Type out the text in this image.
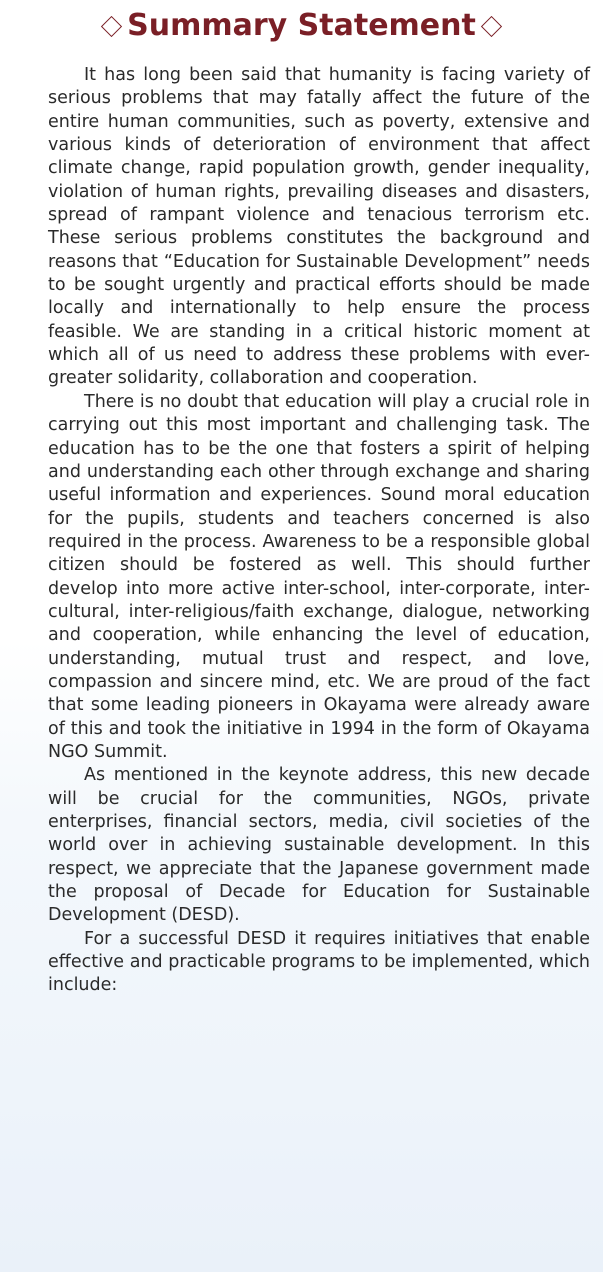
Summary Statement

It has long been said that humanity is facing variety of serious problems that may fatally affect the future of the entire human communities, such as poverty, extensive and various kinds of deterioration of environment that affect climate change, rapid population growth, gender inequality, violation of human rights, prevailing diseases and disasters, spread of rampant violence and tenacious terrorism etc. These serious problems constitutes the background and reasons that “Education for Sustainable Development” needs to be sought urgently and practical efforts should be made locally and internationally to help ensure the process feasible. We are standing in a critical historic moment at which all of us need to address these problems with ever-greater solidarity, collaboration and cooperation.

There is no doubt that education will play a crucial role in carrying out this most important and challenging task. The education has to be the one that fosters a spirit of helping and understanding each other through exchange and sharing useful information and experiences. Sound moral education for the pupils, students and teachers concerned is also required in the process. Awareness to be a responsible global citizen should be fostered as well. This should further develop into more active inter-school, inter-corporate, inter-cultural, inter-religious/faith exchange, dialogue, networking and cooperation, while enhancing the level of education, understanding, mutual trust and respect, and love, compassion and sincere mind, etc. We are proud of the fact that some leading pioneers in Okayama were already aware of this and took the initiative in 1994 in the form of Okayama NGO Summit.

As mentioned in the keynote address, this new decade will be crucial for the communities, NGOs, private enterprises, financial sectors, media, civil societies of the world over in achieving sustainable development. In this respect, we appreciate that the Japanese government made the proposal of Decade for Education for Sustainable Development (DESD).

For a successful DESD it requires initiatives that enable effective and practicable programs to be implemented, which include:
